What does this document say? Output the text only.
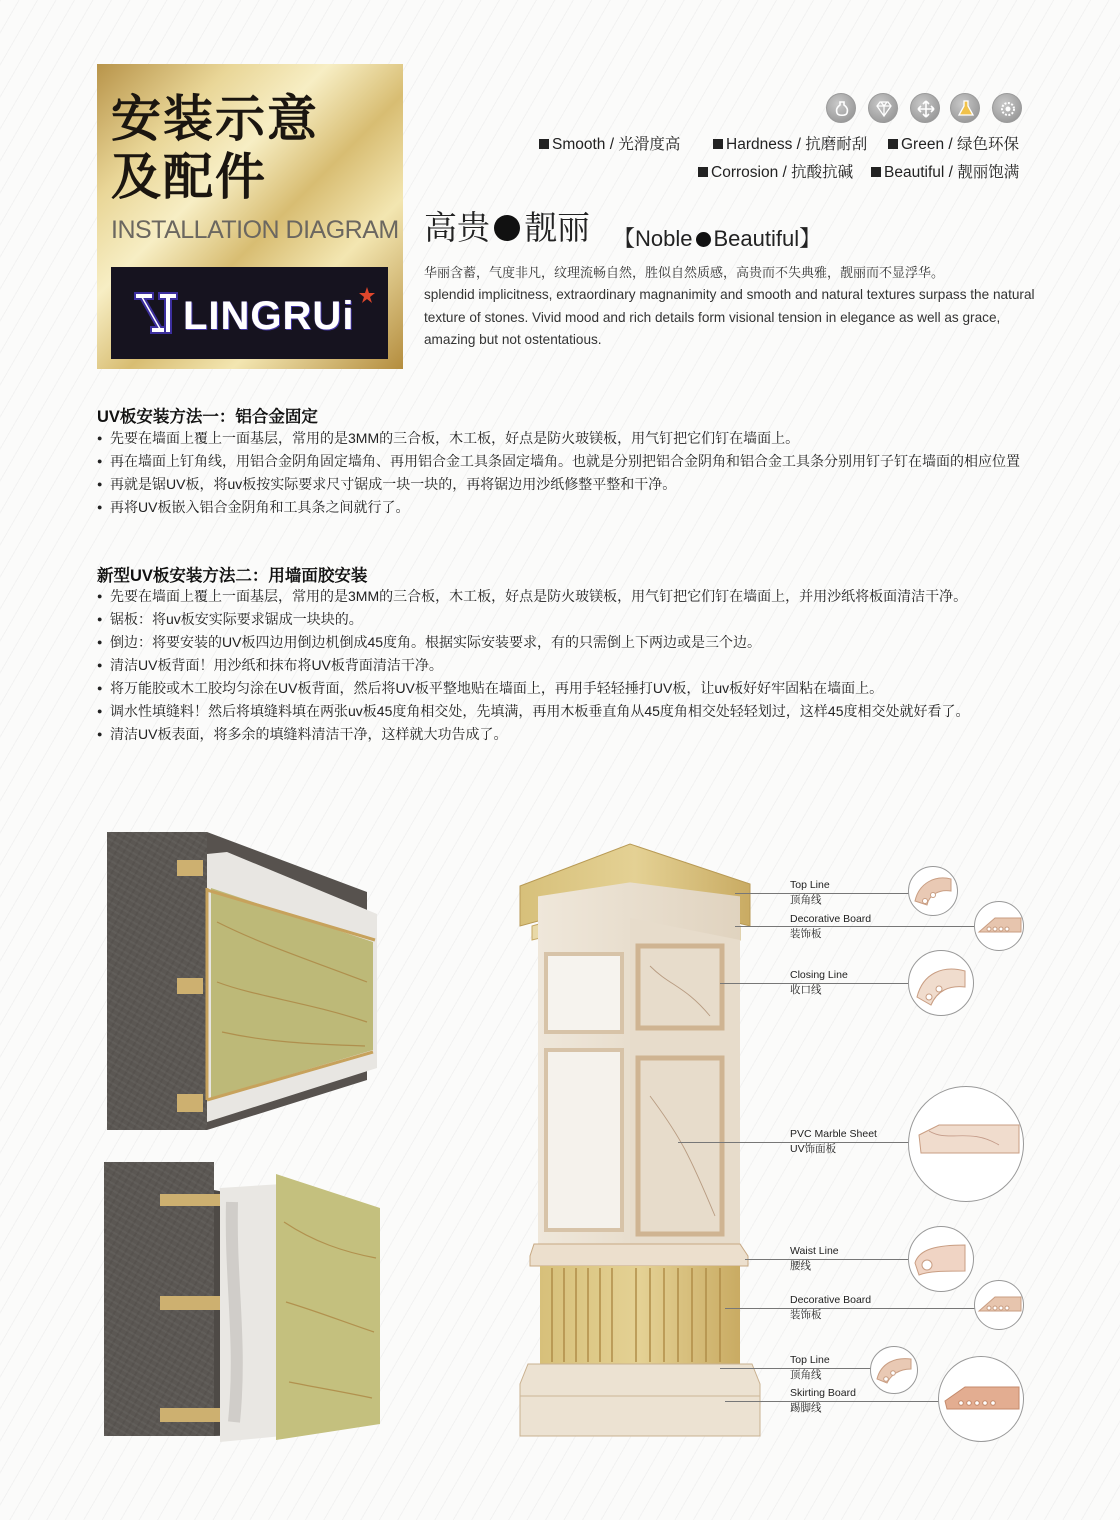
安装示意
及配件
INSTALLATION DIAGRAM
LINGRUi
Smooth / 光滑度高	Hardness / 抗磨耐刮	Green / 绿色环保
Corrosion / 抗酸抗碱	Beautiful / 靓丽饱满
高贵 靓丽 【Noble Beautiful】
华丽含蓄，气度非凡，纹理流畅自然，胜似自然质感，高贵而不失典雅，靓丽而不显浮华。
splendid implicitness, extraordinary magnanimity and smooth and natural textures surpass the natural texture of stones. Vivid mood and rich details form visional tension in elegance as well as grace, amazing but not ostentatious.
UV板安装方法一：铝合金固定
● 先要在墙面上覆上一面基层，常用的是3MM的三合板，木工板，好点是防火玻镁板，用气钉把它们钉在墙面上。
● 再在墙面上钉角线，用铝合金阴角固定墙角、再用铝合金工具条固定墙角。也就是分别把铝合金阴角和铝合金工具条分别用钉子钉在墙面的相应位置
● 再就是锯UV板，将uv板按实际要求尺寸锯成一块一块的，再将锯边用沙纸修整平整和干净。
● 再将UV板嵌入铝合金阴角和工具条之间就行了。
新型UV板安装方法二：用墙面胶安装
● 先要在墙面上覆上一面基层，常用的是3MM的三合板，木工板，好点是防火玻镁板，用气钉把它们钉在墙面上，并用沙纸将板面清洁干净。
● 锯板：将uv板安实际要求锯成一块块的。
● 倒边：将要安装的UV板四边用倒边机倒成45度角。根据实际安装要求，有的只需倒上下两边或是三个边。
● 清洁UV板背面！用沙纸和抹布将UV板背面清洁干净。
● 将万能胶或木工胶均匀涂在UV板背面，然后将UV板平整地贴在墙面上，再用手轻轻捶打UV板，让uv板好好牢固粘在墙面上。
● 调水性填缝料！然后将填缝料填在两张uv板45度角相交处，先填满，再用木板垂直角从45度角相交处轻轻划过，这样45度相交处就好看了。
● 清洁UV板表面，将多余的填缝料清洁干净，这样就大功告成了。
Top Line
顶角线
Decorative Board
装饰板
Closing Line
收口线
PVC Marble Sheet
UV饰面板
Waist Line
腰线
Decorative Board
装饰板
Top Line
顶角线
Skirting Board
踢脚线
